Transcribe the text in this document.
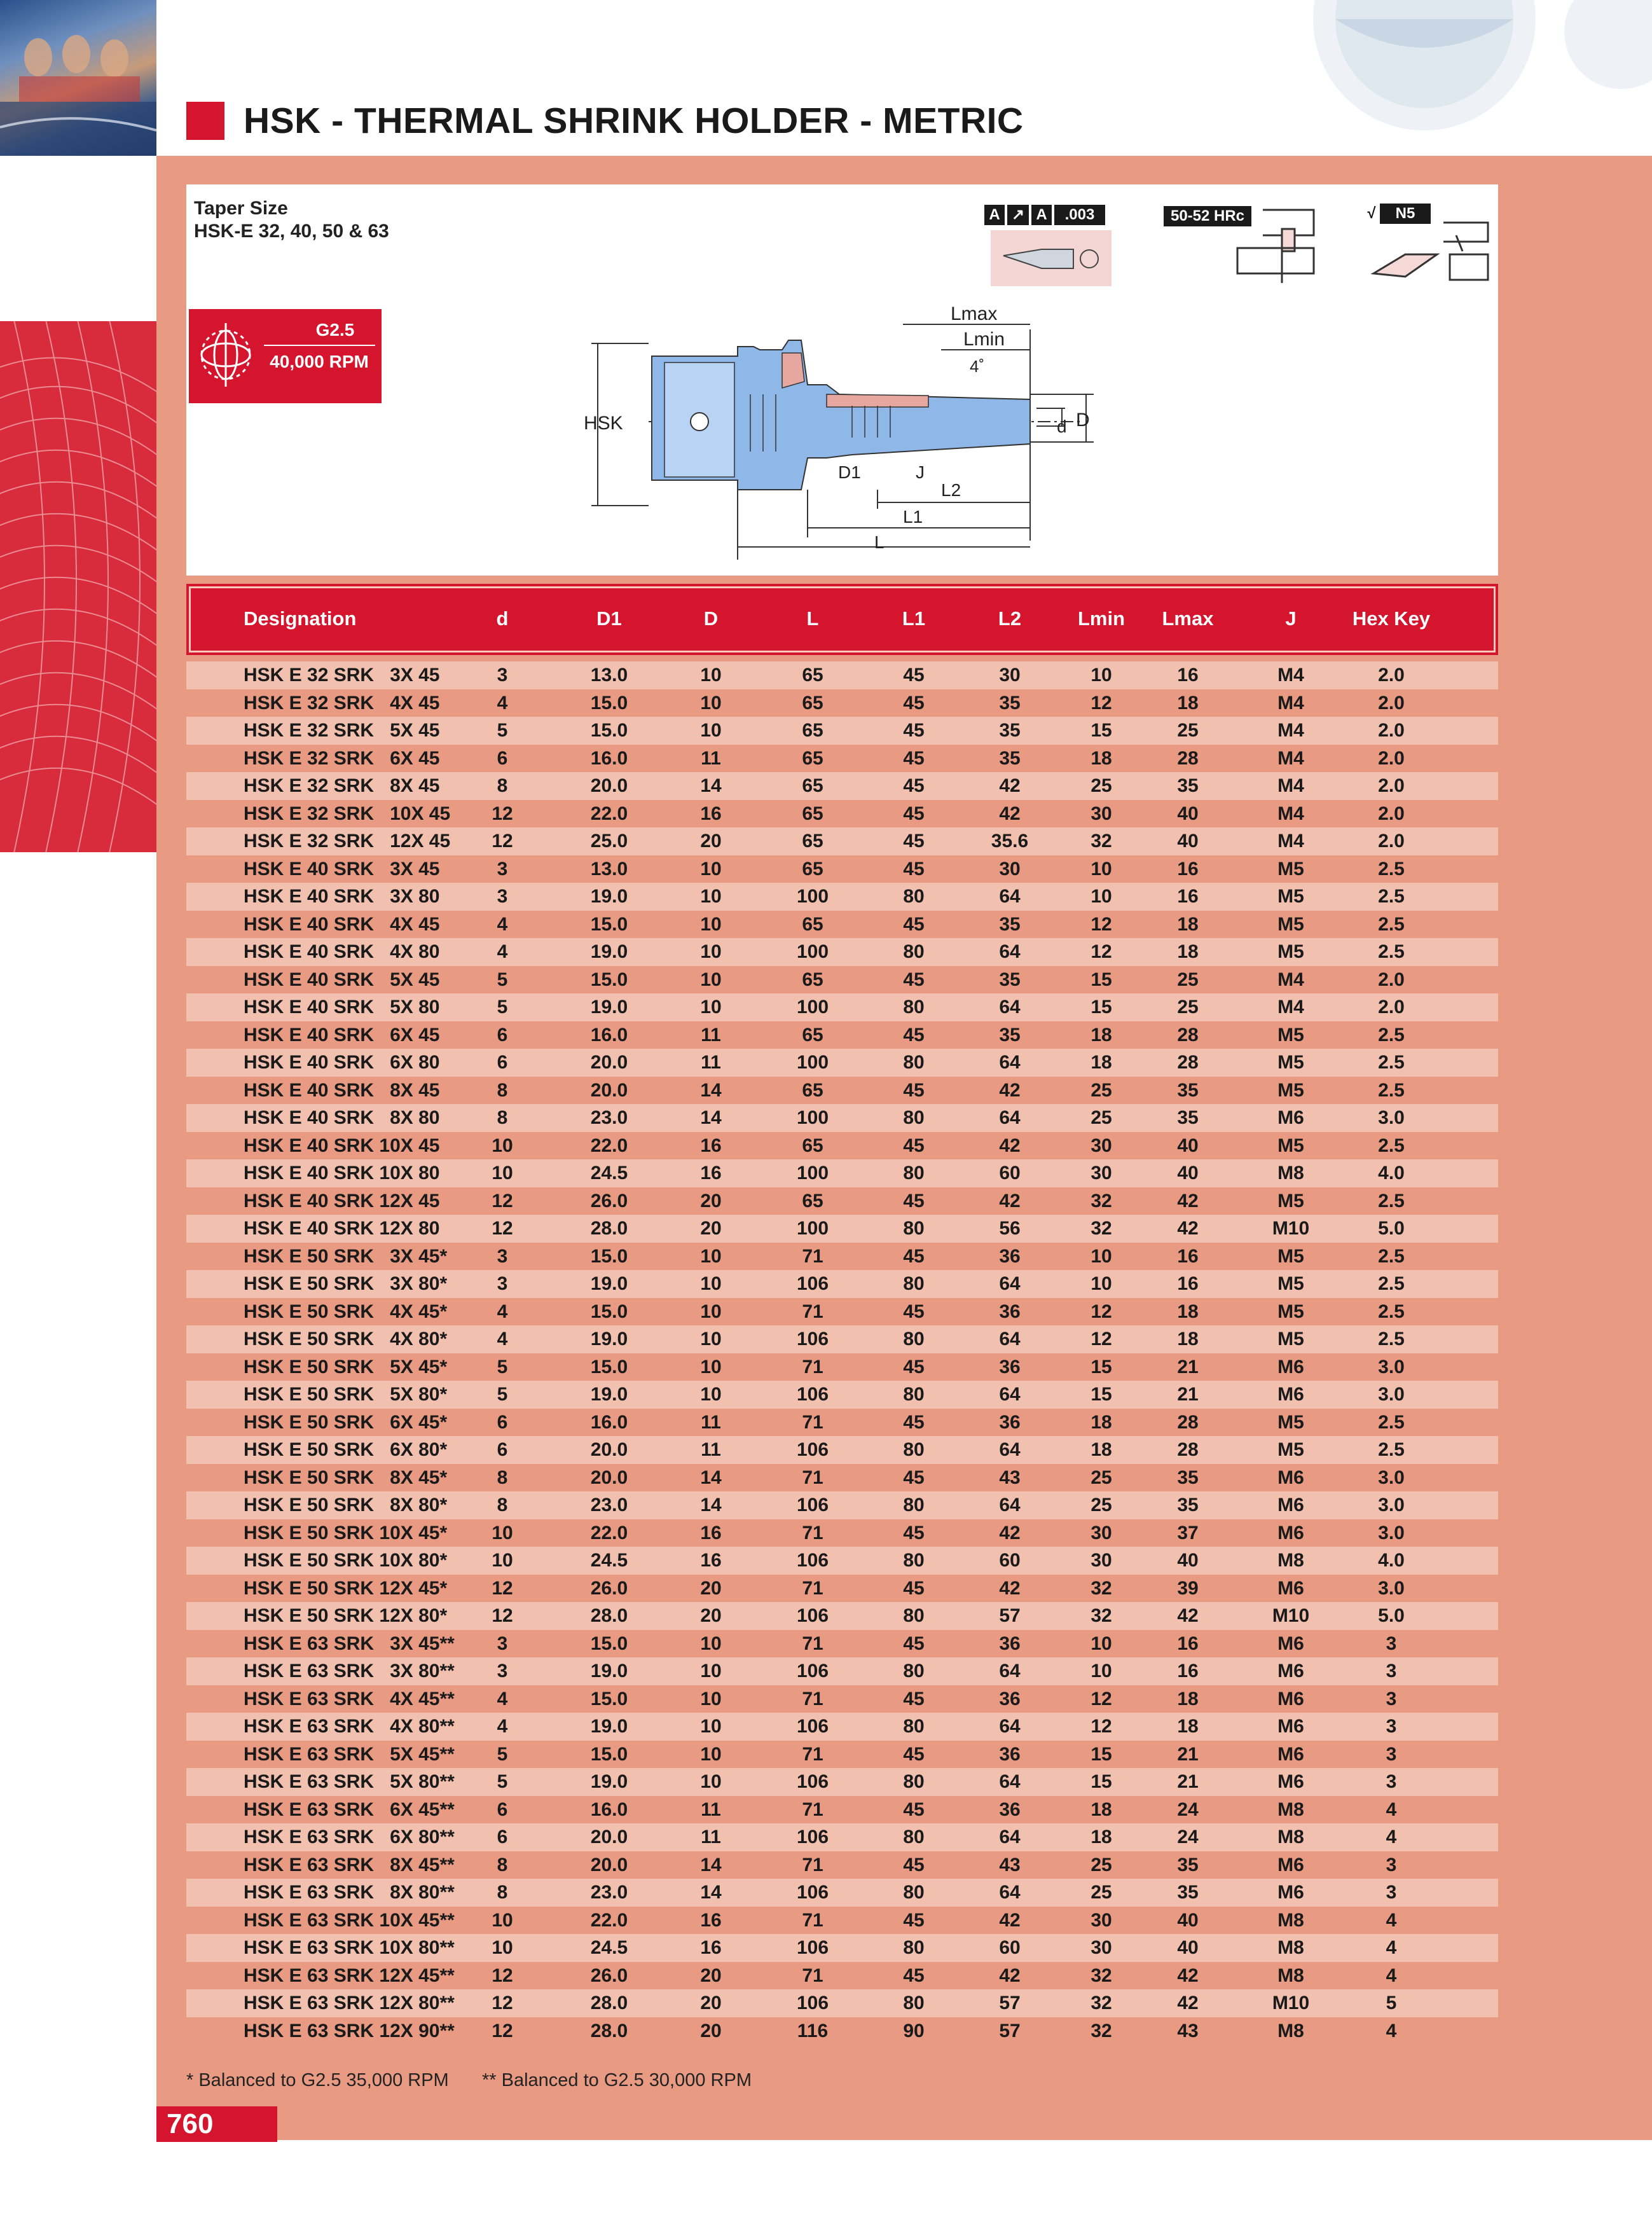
HSK - THERMAL SHRINK HOLDER - METRIC
Taper Size
HSK-E 32, 40, 50 & 63
G2.5
40,000 RPM
A ↗ A	.003	50-52 HRc	√	N5
Lmax
Lmin
4˚
HSK	d D
D1	J
L2
L1
L
Designation	d	D1	D	L	L1	L2	Lmin	Lmax	J	Hex Key
HSK E 32 SRK   3X 45	3	13.0	10	65	45	30	10	16	M4	2.0
HSK E 32 SRK   4X 45	4	15.0	10	65	45	35	12	18	M4	2.0
HSK E 32 SRK   5X 45	5	15.0	10	65	45	35	15	25	M4	2.0
HSK E 32 SRK   6X 45	6	16.0	11	65	45	35	18	28	M4	2.0
HSK E 32 SRK   8X 45	8	20.0	14	65	45	42	25	35	M4	2.0
HSK E 32 SRK   10X 45	12	22.0	16	65	45	42	30	40	M4	2.0
HSK E 32 SRK   12X 45	12	25.0	20	65	45	35.6	32	40	M4	2.0
HSK E 40 SRK   3X 45	3	13.0	10	65	45	30	10	16	M5	2.5
HSK E 40 SRK   3X 80	3	19.0	10	100	80	64	10	16	M5	2.5
HSK E 40 SRK   4X 45	4	15.0	10	65	45	35	12	18	M5	2.5
HSK E 40 SRK   4X 80	4	19.0	10	100	80	64	12	18	M5	2.5
HSK E 40 SRK   5X 45	5	15.0	10	65	45	35	15	25	M4	2.0
HSK E 40 SRK   5X 80	5	19.0	10	100	80	64	15	25	M4	2.0
HSK E 40 SRK   6X 45	6	16.0	11	65	45	35	18	28	M5	2.5
HSK E 40 SRK   6X 80	6	20.0	11	100	80	64	18	28	M5	2.5
HSK E 40 SRK   8X 45	8	20.0	14	65	45	42	25	35	M5	2.5
HSK E 40 SRK   8X 80	8	23.0	14	100	80	64	25	35	M6	3.0
HSK E 40 SRK 10X 45	10	22.0	16	65	45	42	30	40	M5	2.5
HSK E 40 SRK 10X 80	10	24.5	16	100	80	60	30	40	M8	4.0
HSK E 40 SRK 12X 45	12	26.0	20	65	45	42	32	42	M5	2.5
HSK E 40 SRK 12X 80	12	28.0	20	100	80	56	32	42	M10	5.0
HSK E 50 SRK   3X 45*	3	15.0	10	71	45	36	10	16	M5	2.5
HSK E 50 SRK   3X 80*	3	19.0	10	106	80	64	10	16	M5	2.5
HSK E 50 SRK   4X 45*	4	15.0	10	71	45	36	12	18	M5	2.5
HSK E 50 SRK   4X 80*	4	19.0	10	106	80	64	12	18	M5	2.5
HSK E 50 SRK   5X 45*	5	15.0	10	71	45	36	15	21	M6	3.0
HSK E 50 SRK   5X 80*	5	19.0	10	106	80	64	15	21	M6	3.0
HSK E 50 SRK   6X 45*	6	16.0	11	71	45	36	18	28	M5	2.5
HSK E 50 SRK   6X 80*	6	20.0	11	106	80	64	18	28	M5	2.5
HSK E 50 SRK   8X 45*	8	20.0	14	71	45	43	25	35	M6	3.0
HSK E 50 SRK   8X 80*	8	23.0	14	106	80	64	25	35	M6	3.0
HSK E 50 SRK 10X 45*	10	22.0	16	71	45	42	30	37	M6	3.0
HSK E 50 SRK 10X 80*	10	24.5	16	106	80	60	30	40	M8	4.0
HSK E 50 SRK 12X 45*	12	26.0	20	71	45	42	32	39	M6	3.0
HSK E 50 SRK 12X 80*	12	28.0	20	106	80	57	32	42	M10	5.0
HSK E 63 SRK   3X 45**	3	15.0	10	71	45	36	10	16	M6	3
HSK E 63 SRK   3X 80**	3	19.0	10	106	80	64	10	16	M6	3
HSK E 63 SRK   4X 45**	4	15.0	10	71	45	36	12	18	M6	3
HSK E 63 SRK   4X 80**	4	19.0	10	106	80	64	12	18	M6	3
HSK E 63 SRK   5X 45**	5	15.0	10	71	45	36	15	21	M6	3
HSK E 63 SRK   5X 80**	5	19.0	10	106	80	64	15	21	M6	3
HSK E 63 SRK   6X 45**	6	16.0	11	71	45	36	18	24	M8	4
HSK E 63 SRK   6X 80**	6	20.0	11	106	80	64	18	24	M8	4
HSK E 63 SRK   8X 45**	8	20.0	14	71	45	43	25	35	M6	3
HSK E 63 SRK   8X 80**	8	23.0	14	106	80	64	25	35	M6	3
HSK E 63 SRK 10X 45**	10	22.0	16	71	45	42	30	40	M8	4
HSK E 63 SRK 10X 80**	10	24.5	16	106	80	60	30	40	M8	4
HSK E 63 SRK 12X 45**	12	26.0	20	71	45	42	32	42	M8	4
HSK E 63 SRK 12X 80**	12	28.0	20	106	80	57	32	42	M10	5
HSK E 63 SRK 12X 90**	12	28.0	20	116	90	57	32	43	M8	4
* Balanced to G2.5 35,000 RPM ** Balanced to G2.5 30,000 RPM
760
